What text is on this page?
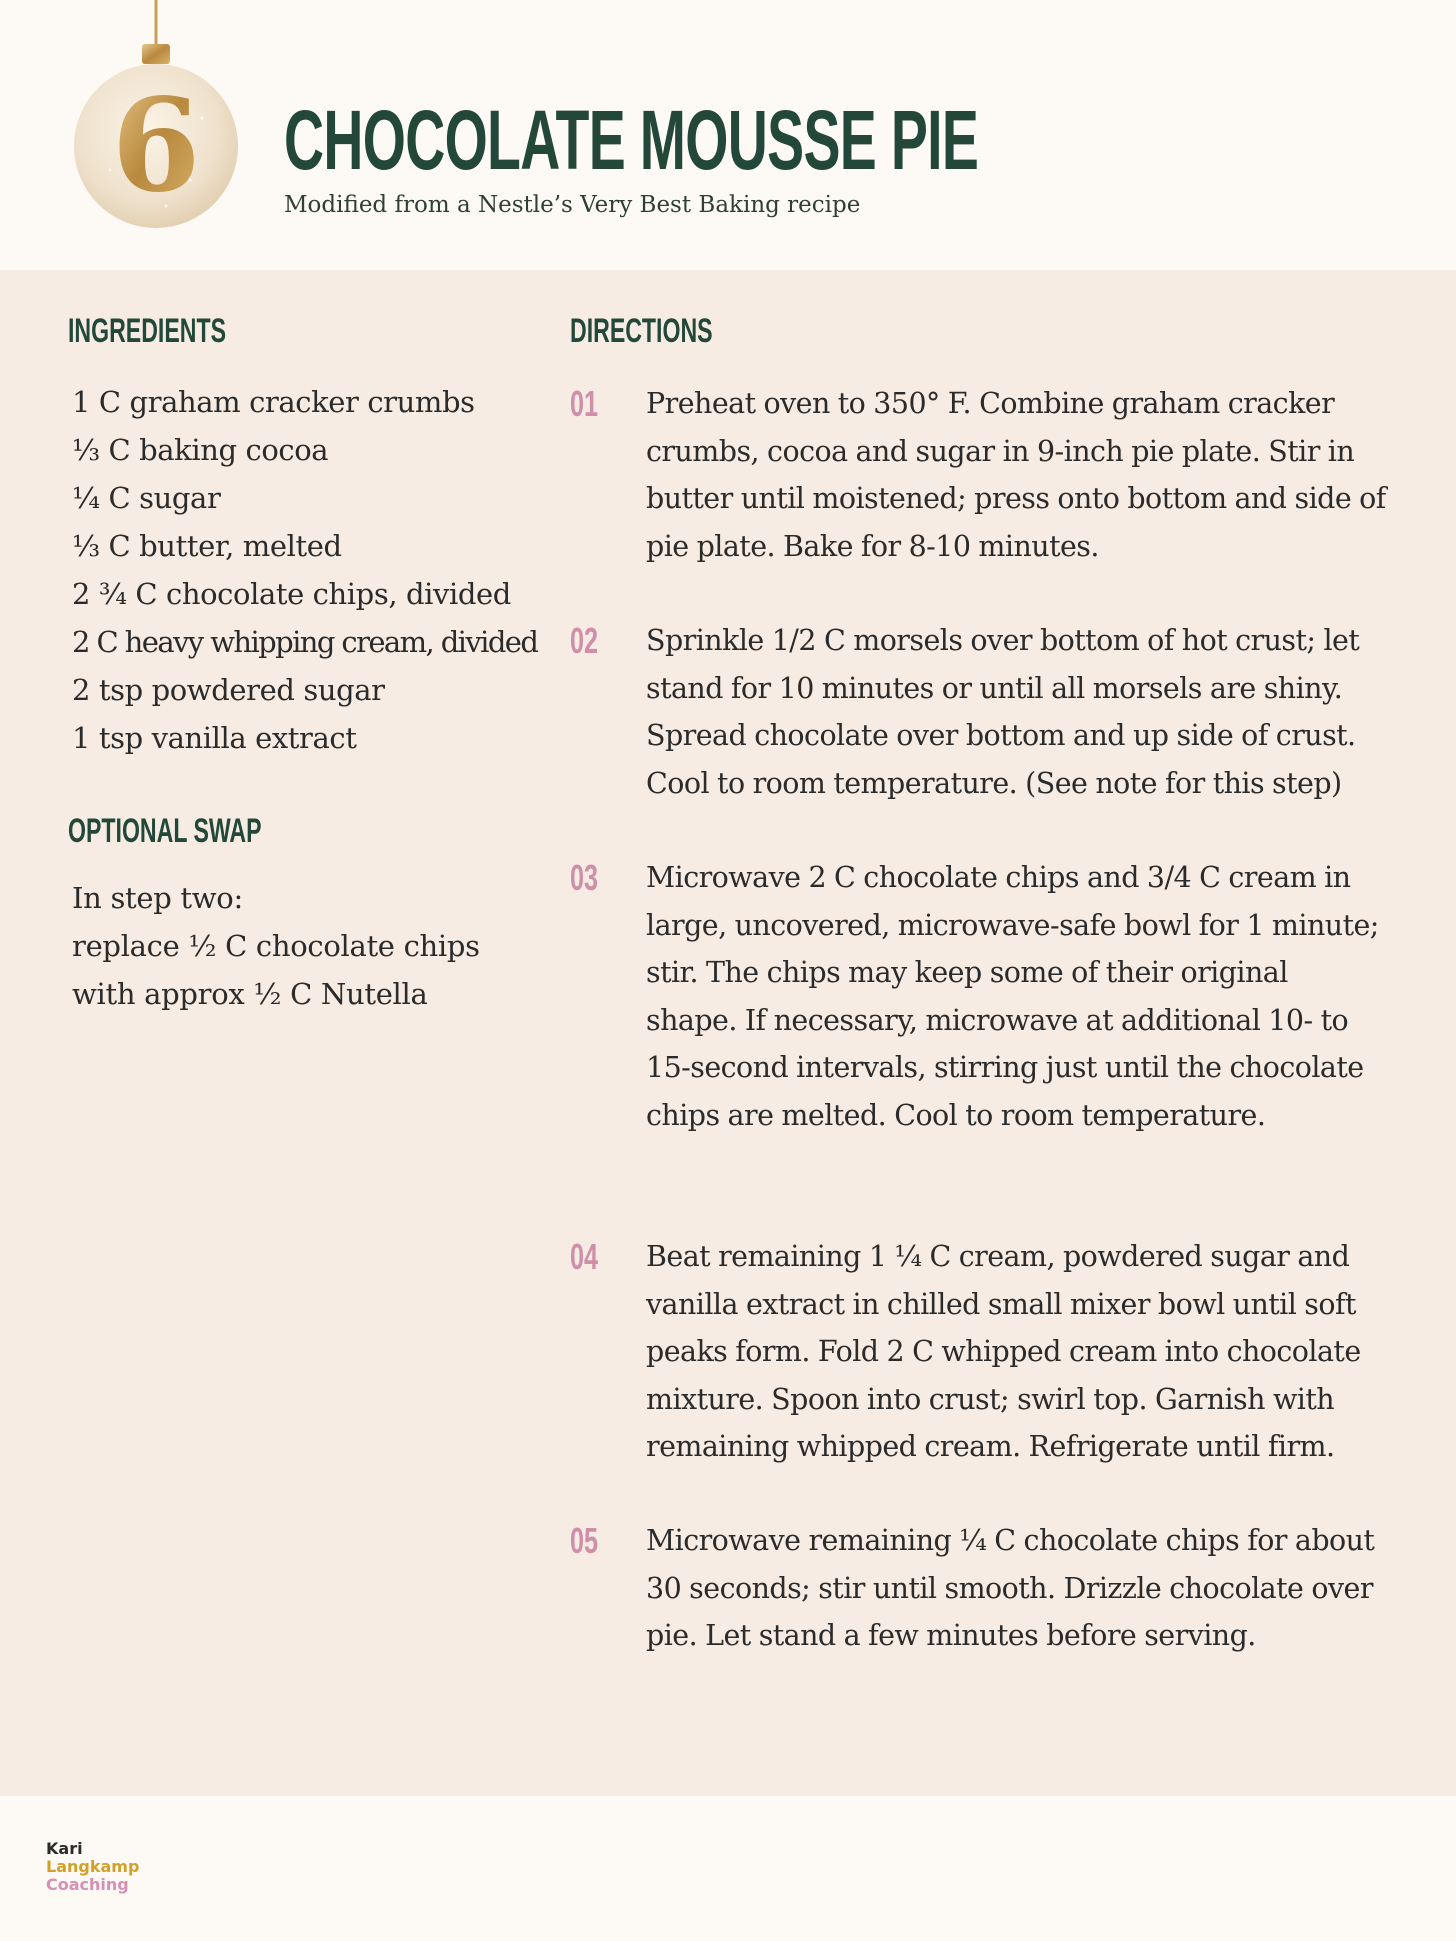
6 CHOCOLATE MOUSSE PIE
Modified from a Nestle’s Very Best Baking recipe
INGREDIENTS
1 C graham cracker crumbs
⅓ C baking cocoa
¼ C sugar
⅓ C butter, melted
2 ¾ C chocolate chips, divided
2 C heavy whipping cream, divided
2 tsp powdered sugar
1 tsp vanilla extract
OPTIONAL SWAP
In step two:
replace ½ C chocolate chips
with approx ½ C Nutella
DIRECTIONS
01 Preheat oven to 350° F. Combine graham cracker crumbs, cocoa and sugar in 9-inch pie plate. Stir in butter until moistened; press onto bottom and side of pie plate. Bake for 8-10 minutes.
02 Sprinkle 1/2 C morsels over bottom of hot crust; let stand for 10 minutes or until all morsels are shiny. Spread chocolate over bottom and up side of crust. Cool to room temperature. (See note for this step)
03 Microwave 2 C chocolate chips and 3/4 C cream in large, uncovered, microwave-safe bowl for 1 minute; stir. The chips may keep some of their original shape. If necessary, microwave at additional 10- to 15-second intervals, stirring just until the chocolate chips are melted. Cool to room temperature.
04 Beat remaining 1 ¼ C cream, powdered sugar and vanilla extract in chilled small mixer bowl until soft peaks form. Fold 2 C whipped cream into chocolate mixture. Spoon into crust; swirl top. Garnish with remaining whipped cream. Refrigerate until firm.
05 Microwave remaining ¼ C chocolate chips for about 30 seconds; stir until smooth. Drizzle chocolate over pie. Let stand a few minutes before serving.
Kari
Langkamp
Coaching
